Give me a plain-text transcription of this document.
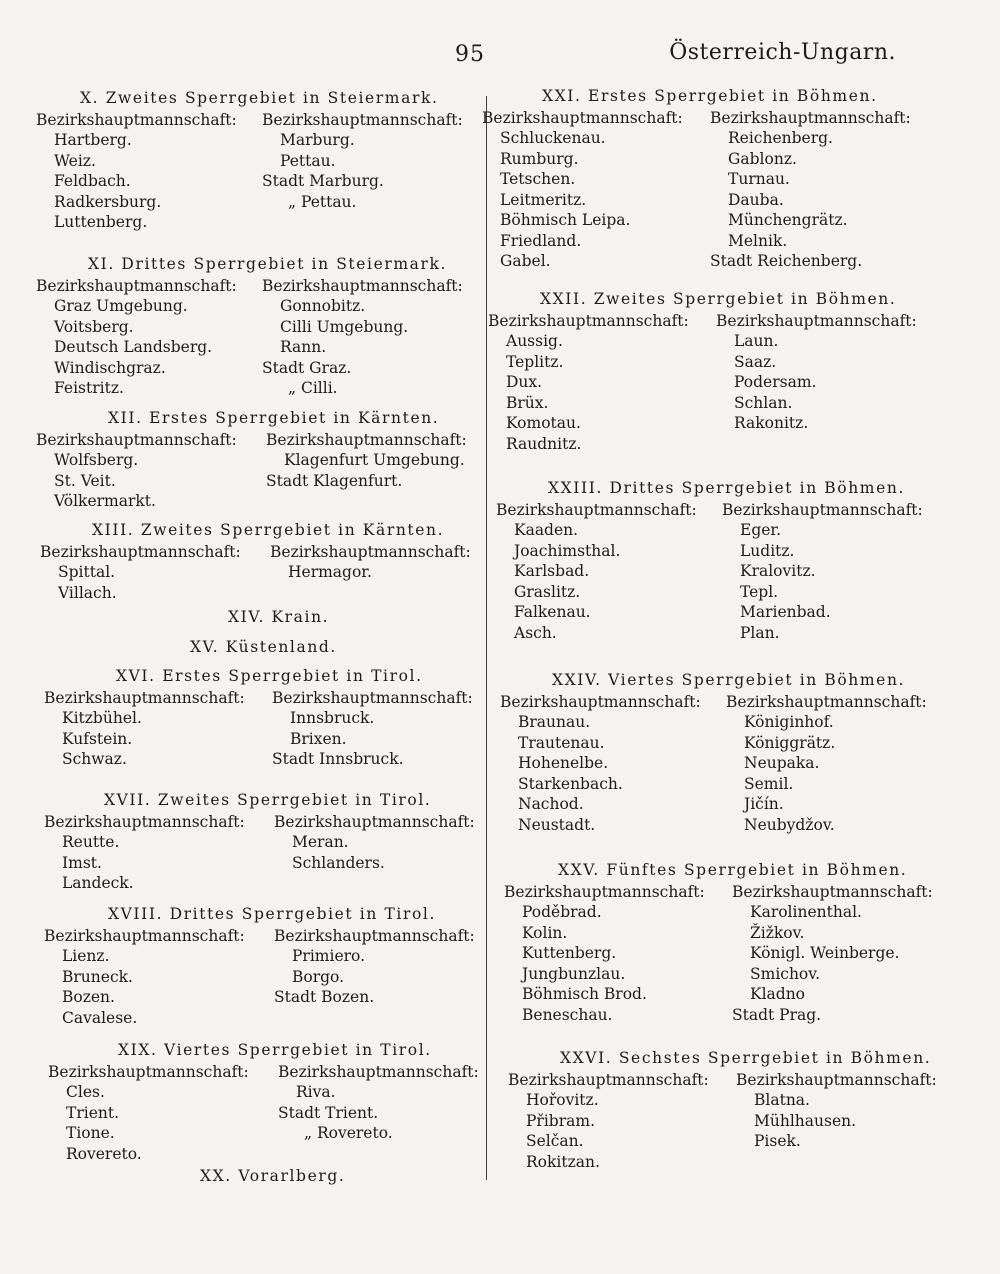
95	Österreich-Ungarn.
X. Zweites Sperrgebiet in Steiermark.
Bezirkshauptmannschaft:
Hartberg.
Weiz.
Feldbach.
Radkersburg.
Luttenberg.
Bezirkshauptmannschaft:
Marburg.
Pettau.
Stadt Marburg.
„ Pettau.
XI. Drittes Sperrgebiet in Steiermark.
Bezirkshauptmannschaft:
Graz Umgebung.
Voitsberg.
Deutsch Landsberg.
Windischgraz.
Feistritz.
Bezirkshauptmannschaft:
Gonnobitz.
Cilli Umgebung.
Rann.
Stadt Graz.
„ Cilli.
XII. Erstes Sperrgebiet in Kärnten.
Bezirkshauptmannschaft:
Wolfsberg.
St. Veit.
Völkermarkt.
Bezirkshauptmannschaft:
Klagenfurt Umgebung.
Stadt Klagenfurt.
XIII. Zweites Sperrgebiet in Kärnten.
Bezirkshauptmannschaft:
Spittal.
Villach.
Bezirkshauptmannschaft:
Hermagor.
XIV. Krain.
XV. Küstenland.
XVI. Erstes Sperrgebiet in Tirol.
Bezirkshauptmannschaft:
Kitzbühel.
Kufstein.
Schwaz.
Bezirkshauptmannschaft:
Innsbruck.
Brixen.
Stadt Innsbruck.
XVII. Zweites Sperrgebiet in Tirol.
Bezirkshauptmannschaft:
Reutte.
Imst.
Landeck.
Bezirkshauptmannschaft:
Meran.
Schlanders.
XVIII. Drittes Sperrgebiet in Tirol.
Bezirkshauptmannschaft:
Lienz.
Bruneck.
Bozen.
Cavalese.
Bezirkshauptmannschaft:
Primiero.
Borgo.
Stadt Bozen.
XIX. Viertes Sperrgebiet in Tirol.
Bezirkshauptmannschaft:
Cles.
Trient.
Tione.
Rovereto.
Bezirkshauptmannschaft:
Riva.
Stadt Trient.
„ Rovereto.
XX. Vorarlberg.
XXI. Erstes Sperrgebiet in Böhmen.
Bezirkshauptmannschaft:
Schluckenau.
Rumburg.
Tetschen.
Leitmeritz.
Böhmisch Leipa.
Friedland.
Gabel.
Bezirkshauptmannschaft:
Reichenberg.
Gablonz.
Turnau.
Dauba.
Münchengrätz.
Melnik.
Stadt Reichenberg.
XXII. Zweites Sperrgebiet in Böhmen.
Bezirkshauptmannschaft:
Aussig.
Teplitz.
Dux.
Brüx.
Komotau.
Raudnitz.
Bezirkshauptmannschaft:
Laun.
Saaz.
Podersam.
Schlan.
Rakonitz.
XXIII. Drittes Sperrgebiet in Böhmen.
Bezirkshauptmannschaft:
Kaaden.
Joachimsthal.
Karlsbad.
Graslitz.
Falkenau.
Asch.
Bezirkshauptmannschaft:
Eger.
Luditz.
Kralovitz.
Tepl.
Marienbad.
Plan.
XXIV. Viertes Sperrgebiet in Böhmen.
Bezirkshauptmannschaft:
Braunau.
Trautenau.
Hohenelbe.
Starkenbach.
Nachod.
Neustadt.
Bezirkshauptmannschaft:
Königinhof.
Königgrätz.
Neupaka.
Semil.
Jičín.
Neubydžov.
XXV. Fünftes Sperrgebiet in Böhmen.
Bezirkshauptmannschaft:
Poděbrad.
Kolin.
Kuttenberg.
Jungbunzlau.
Böhmisch Brod.
Beneschau.
Bezirkshauptmannschaft:
Karolinenthal.
Žižkov.
Königl. Weinberge.
Smichov.
Kladno
Stadt Prag.
XXVI. Sechstes Sperrgebiet in Böhmen.
Bezirkshauptmannschaft:
Hořovitz.
Přibram.
Selčan.
Rokitzan.
Bezirkshauptmannschaft:
Blatna.
Mühlhausen.
Pisek.
